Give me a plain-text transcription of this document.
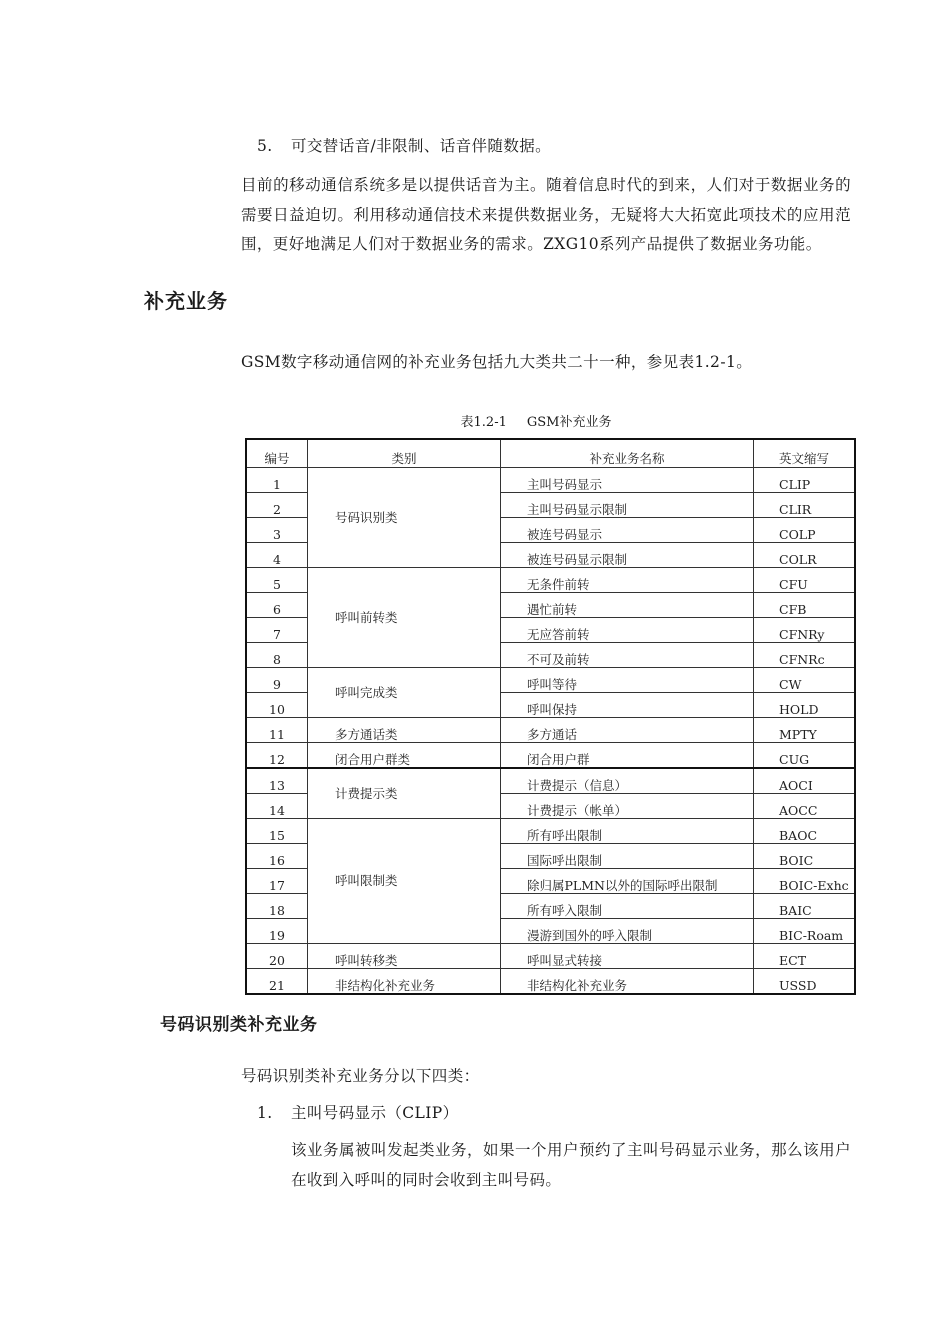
5. 可交替话音/非限制、话音伴随数据。
目前的移动通信系统多是以提供话音为主。随着信息时代的到来，人们对于数据业务的需要日益迫切。利用移动通信技术来提供数据业务，无疑将大大拓宽此项技术的应用范围，更好地满足人们对于数据业务的需求。ZXG10系列产品提供了数据业务功能。
补充业务
GSM数字移动通信网的补充业务包括九大类共二十一种，参见表1.2-1。
表1.2-1 GSM补充业务
编号	类别	补充业务名称	英文缩写
1	号码识别类	主叫号码显示	CLIP
2		主叫号码显示限制	CLIR
3		被连号码显示	COLP
4		被连号码显示限制	COLR
5	呼叫前转类	无条件前转	CFU
6		遇忙前转	CFB
7		无应答前转	CFNRy
8		不可及前转	CFNRc
9	呼叫完成类	呼叫等待	CW
10		呼叫保持	HOLD
11	多方通话类	多方通话	MPTY
12	闭合用户群类	闭合用户群	CUG
13	计费提示类	计费提示（信息）	AOCI
14		计费提示（帐单）	AOCC
15	呼叫限制类	所有呼出限制	BAOC
16		国际呼出限制	BOIC
17		除归属PLMN以外的国际呼出限制	BOIC-Exhc
18		所有呼入限制	BAIC
19		漫游到国外的呼入限制	BIC-Roam
20	呼叫转移类	呼叫显式转接	ECT
21	非结构化补充业务	非结构化补充业务	USSD
号码识别类补充业务
号码识别类补充业务分以下四类：
1. 主叫号码显示（CLIP）
该业务属被叫发起类业务，如果一个用户预约了主叫号码显示业务，那么该用户在收到入呼叫的同时会收到主叫号码。
